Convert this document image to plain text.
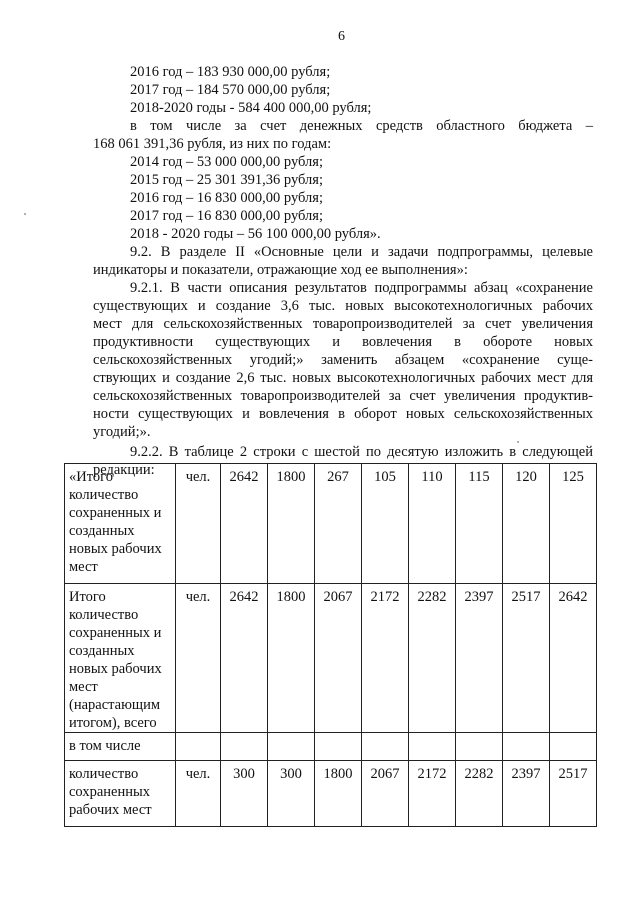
6
2016 год – 183 930 000,00 рубля;
2017 год – 184 570 000,00 рубля;
2018-2020 годы - 584 400 000,00 рубля;
в том числе за счет денежных средств областного бюджета –
168 061 391,36 рубля, из них по годам:
2014 год – 53 000 000,00 рубля;
2015 год – 25 301 391,36 рубля;
2016 год – 16 830 000,00 рубля;
2017 год – 16 830 000,00 рубля;
2018 - 2020 годы – 56 100 000,00 рубля».
9.2. В разделе II «Основные цели и задачи подпрограммы, целевые
индикаторы и показатели, отражающие ход ее выполнения»:
9.2.1. В части описания результатов подпрограммы абзац «сохранение
существующих и создание 3,6 тыс. новых высокотехнологичных рабочих
мест для сельскохозяйственных товаропроизводителей за счет увеличения
продуктивности существующих и вовлечения в обороте новых
сельскохозяйственных угодий;» заменить абзацем «сохранение суще-
ствующих и создание 2,6 тыс. новых высокотехнологичных рабочих мест для
сельскохозяйственных товаропроизводителей за счет увеличения продуктив-
ности существующих и вовлечения в оборот новых сельскохозяйственных
угодий;».
9.2.2. В таблице 2 строки с шестой по десятую изложить в следующей
редакции:
«Итого количество сохраненных и созданных новых рабочих мест	чел.	2642	1800	267	105	110	115	120	125
Итого количество сохраненных и созданных новых рабочих мест (нарастающим итогом), всего	чел.	2642	1800	2067	2172	2282	2397	2517	2642
в том числе									
количество сохраненных рабочих мест	чел.	300	300	1800	2067	2172	2282	2397	2517
